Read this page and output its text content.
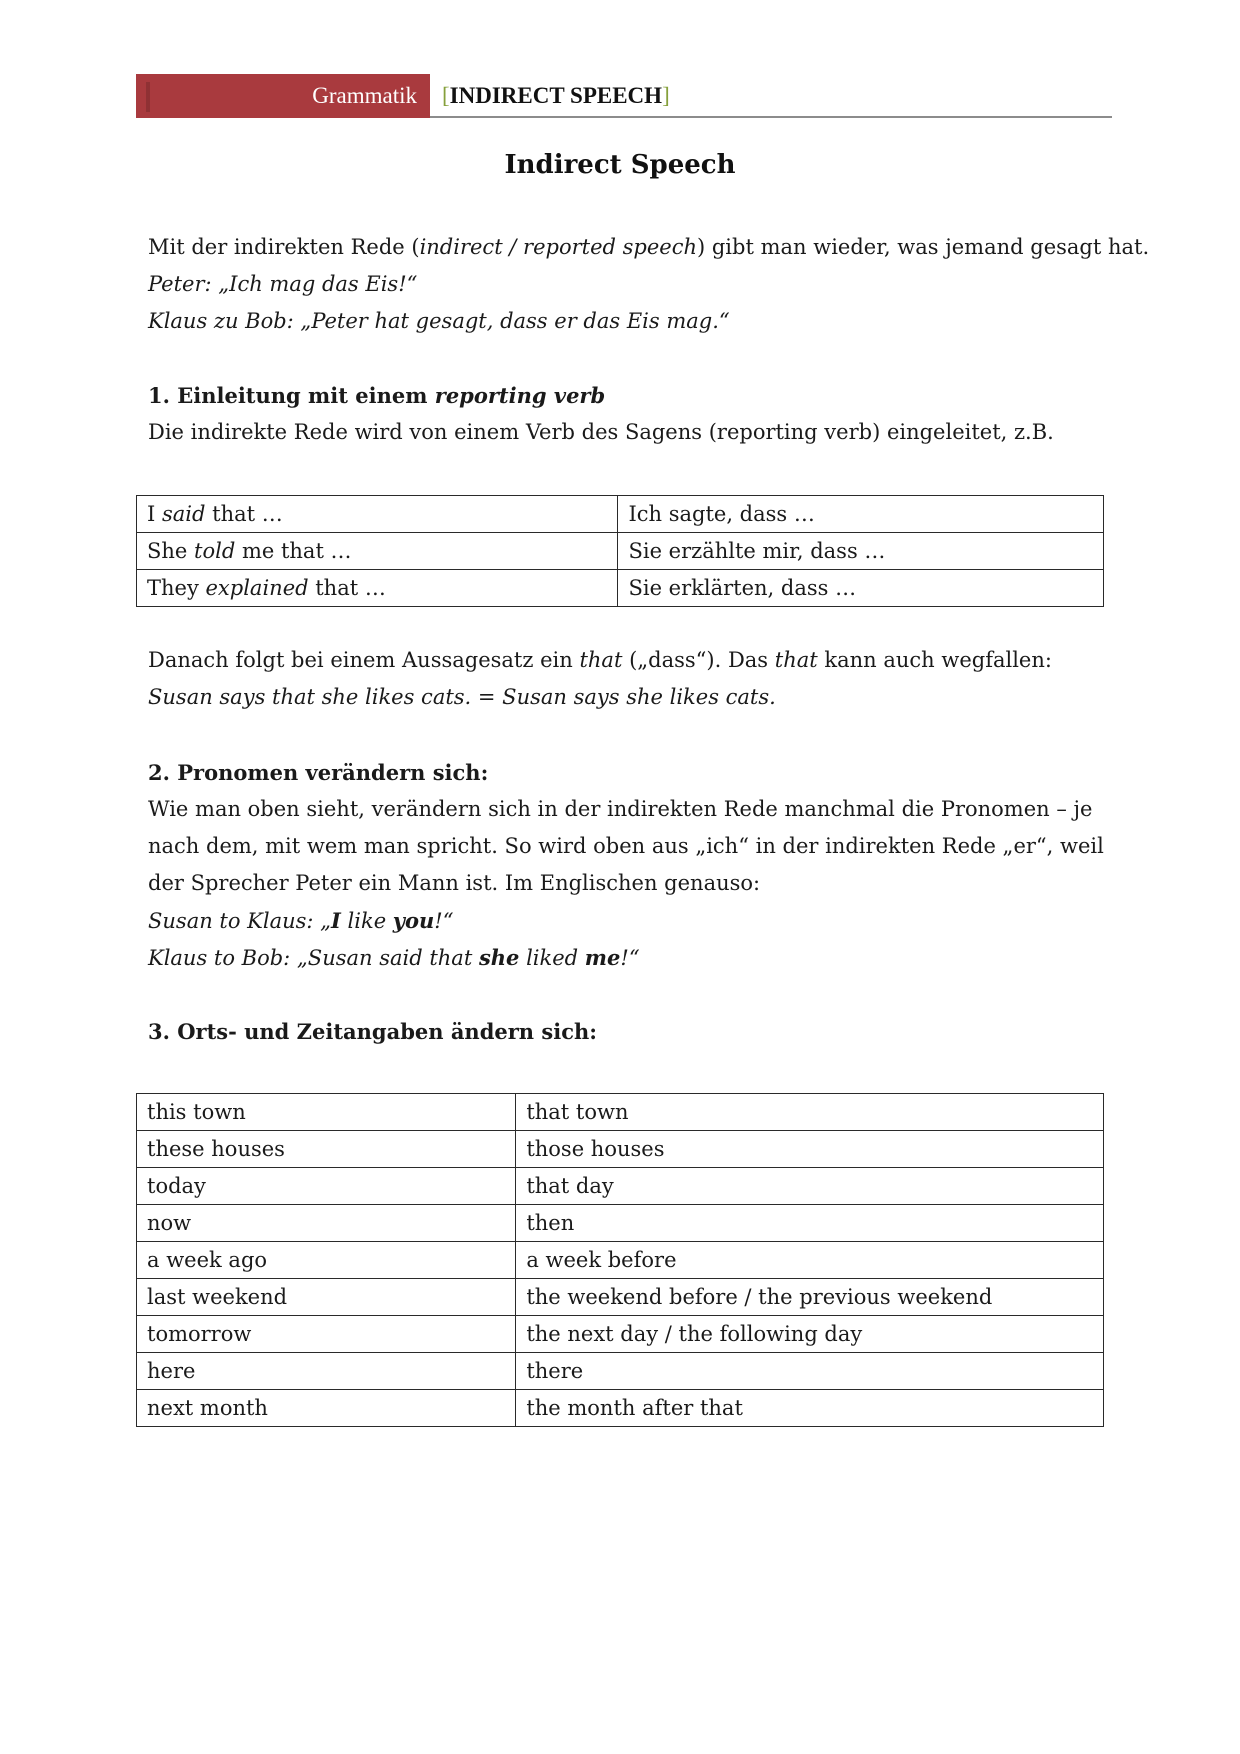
Grammatik	[INDIRECT SPEECH]
Indirect Speech
Mit der indirekten Rede (indirect / reported speech) gibt man wieder, was jemand gesagt hat.
Peter: „Ich mag das Eis!“
Klaus zu Bob: „Peter hat gesagt, dass er das Eis mag.“
1. Einleitung mit einem reporting verb
Die indirekte Rede wird von einem Verb des Sagens (reporting verb) eingeleitet, z.B.
I said that …	Ich sagte, dass …
She told me that …	Sie erzählte mir, dass …
They explained that …	Sie erklärten, dass …
Danach folgt bei einem Aussagesatz ein that („dass“). Das that kann auch wegfallen:
Susan says that she likes cats. = Susan says she likes cats.
2. Pronomen verändern sich:
Wie man oben sieht, verändern sich in der indirekten Rede manchmal die Pronomen – je
nach dem, mit wem man spricht. So wird oben aus „ich“ in der indirekten Rede „er“, weil
der Sprecher Peter ein Mann ist. Im Englischen genauso:
Susan to Klaus: „I like you!“
Klaus to Bob: „Susan said that she liked me!“
3. Orts- und Zeitangaben ändern sich:
this town	that town
these houses	those houses
today	that day
now	then
a week ago	a week before
last weekend	the weekend before / the previous weekend
tomorrow	the next day / the following day
here	there
next month	the month after that
